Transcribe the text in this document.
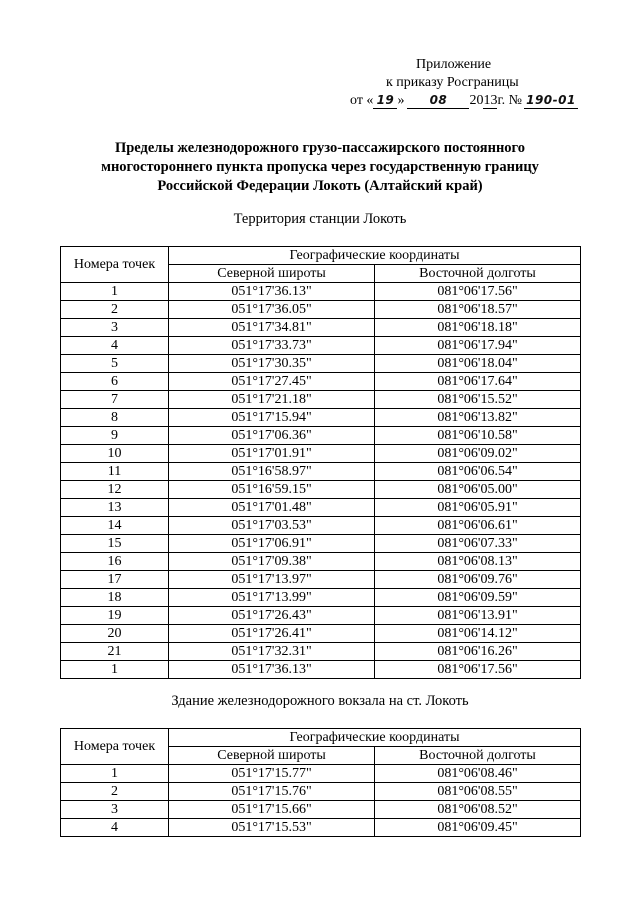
Приложение
к приказу Росграницы
от « 19 » 08 2013г. № 190-01
Пределы железнодорожного грузо-пассажирского постоянного
многостороннего пункта пропуска через государственную границу
Российской Федерации Локоть (Алтайский край)
Территория станции Локоть
Номера точек	Географические координаты	
	Северной широты	Восточной долготы
1	051°17'36.13"	081°06'17.56"
2	051°17'36.05"	081°06'18.57"
3	051°17'34.81"	081°06'18.18"
4	051°17'33.73"	081°06'17.94"
5	051°17'30.35"	081°06'18.04"
6	051°17'27.45"	081°06'17.64"
7	051°17'21.18"	081°06'15.52"
8	051°17'15.94"	081°06'13.82"
9	051°17'06.36"	081°06'10.58"
10	051°17'01.91"	081°06'09.02"
11	051°16'58.97"	081°06'06.54"
12	051°16'59.15"	081°06'05.00"
13	051°17'01.48"	081°06'05.91"
14	051°17'03.53"	081°06'06.61"
15	051°17'06.91"	081°06'07.33"
16	051°17'09.38"	081°06'08.13"
17	051°17'13.97"	081°06'09.76"
18	051°17'13.99"	081°06'09.59"
19	051°17'26.43"	081°06'13.91"
20	051°17'26.41"	081°06'14.12"
21	051°17'32.31"	081°06'16.26"
1	051°17'36.13"	081°06'17.56"
Здание железнодорожного вокзала на ст. Локоть
Номера точек	Географические координаты	
	Северной широты	Восточной долготы
1	051°17'15.77"	081°06'08.46"
2	051°17'15.76"	081°06'08.55"
3	051°17'15.66"	081°06'08.52"
4	051°17'15.53"	081°06'09.45"
